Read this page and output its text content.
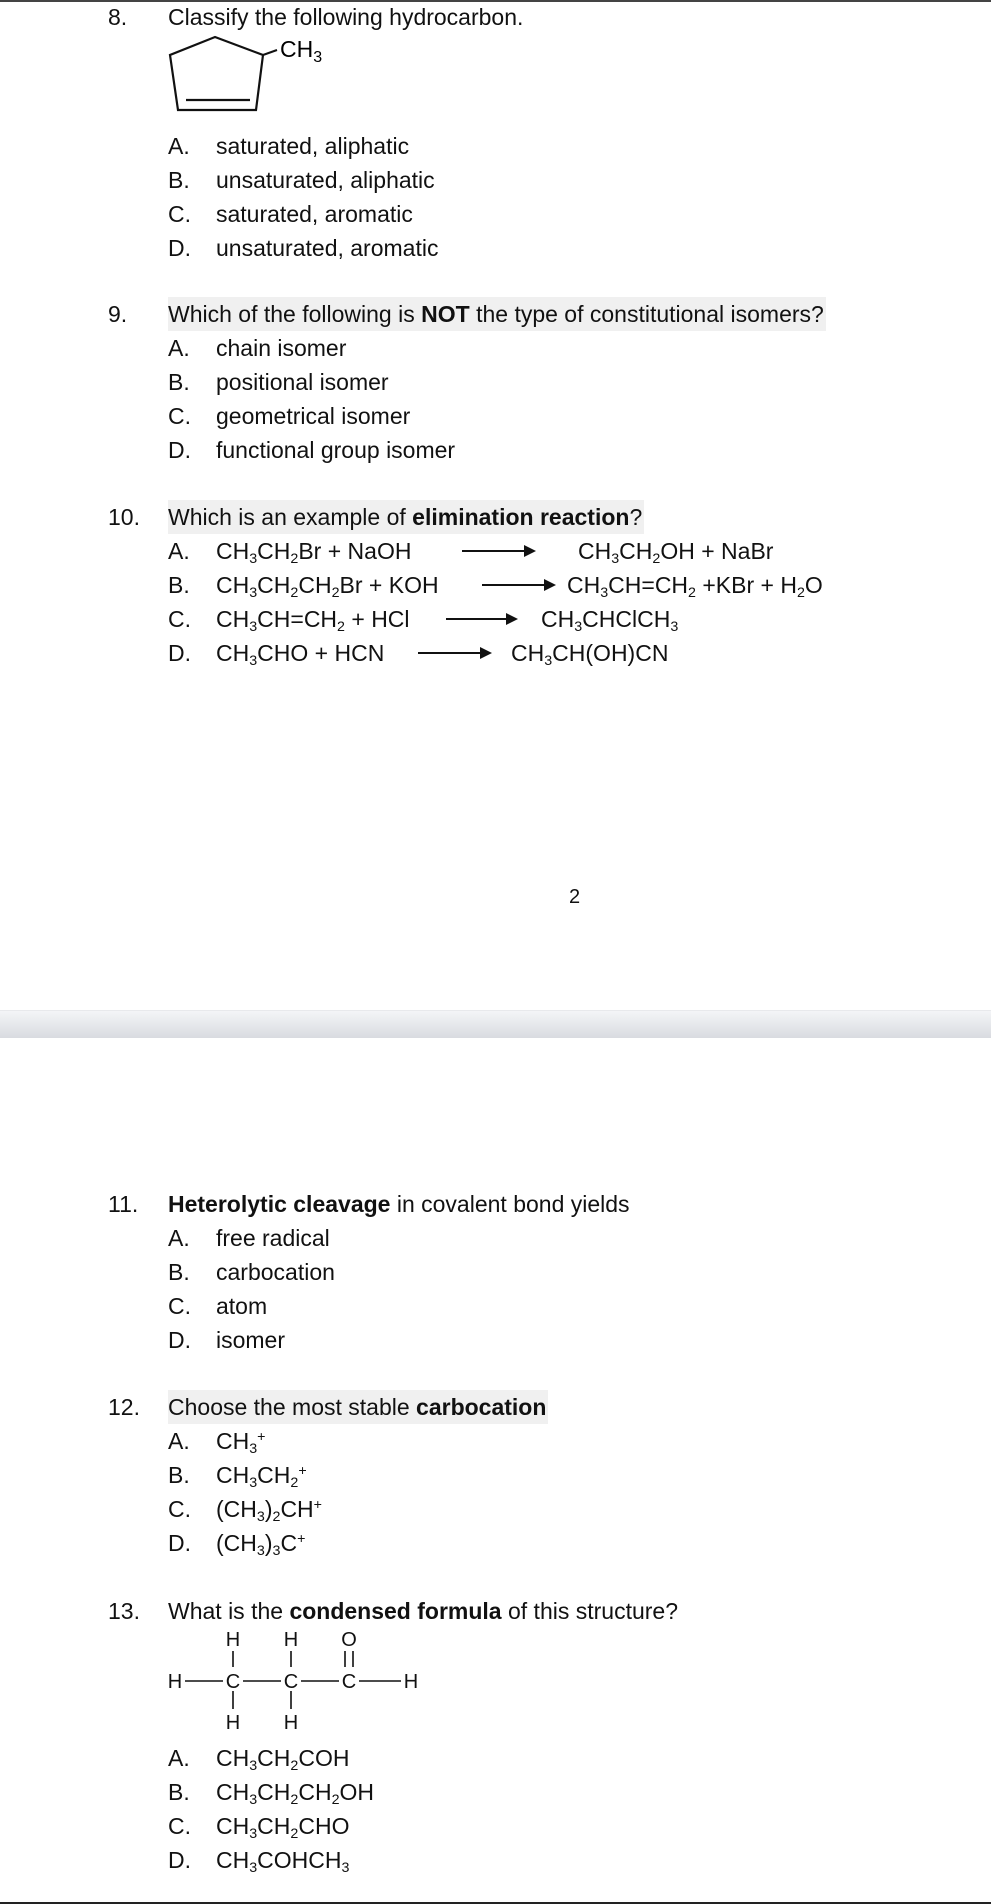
8. Classify the following hydrocarbon.
$CH_3$
A. saturated, aliphatic
B. unsaturated, aliphatic
C. saturated, aromatic
D. unsaturated, aromatic
9. Which of the following is NOT the type of constitutional isomers?
A. chain isomer
B. positional isomer
C. geometrical isomer
D. functional group isomer
10. Which is an example of elimination reaction?
A. $CH_3CH_2Br$ + NaOH	$CH_3CH_2OH$ + NaBr
B. $CH_3CH_2CH_2Br$ + KOH → $CH_3CH=CH_2 +KBr + H_2O$
C. $CH_3CH=CH_2$ + HCl → $CH_3CHClCH_3$
D. $CH_3CHO$ + HCN → $CH_3CH(OH)CN$
2
11. Heterolytic cleavage in covalent bond yields
A. free radical
B. carbocation
C. atom
D. isomer
12. Choose the most stable carbocation
A. $CH_3^+$
B. $CH_3CH_2^+$
C. $(CH_3)_2CH^+$
D. $(CH_3)_3C^+$
13. What is the condensed formula of this structure?
H C C C H
H H
H H
O
A. $CH_3CH_2COH$
B. $CH_3CH_2CH_2OH$
C. $CH_3CH_2CHO$
D. $CH_3COHCH_3$
